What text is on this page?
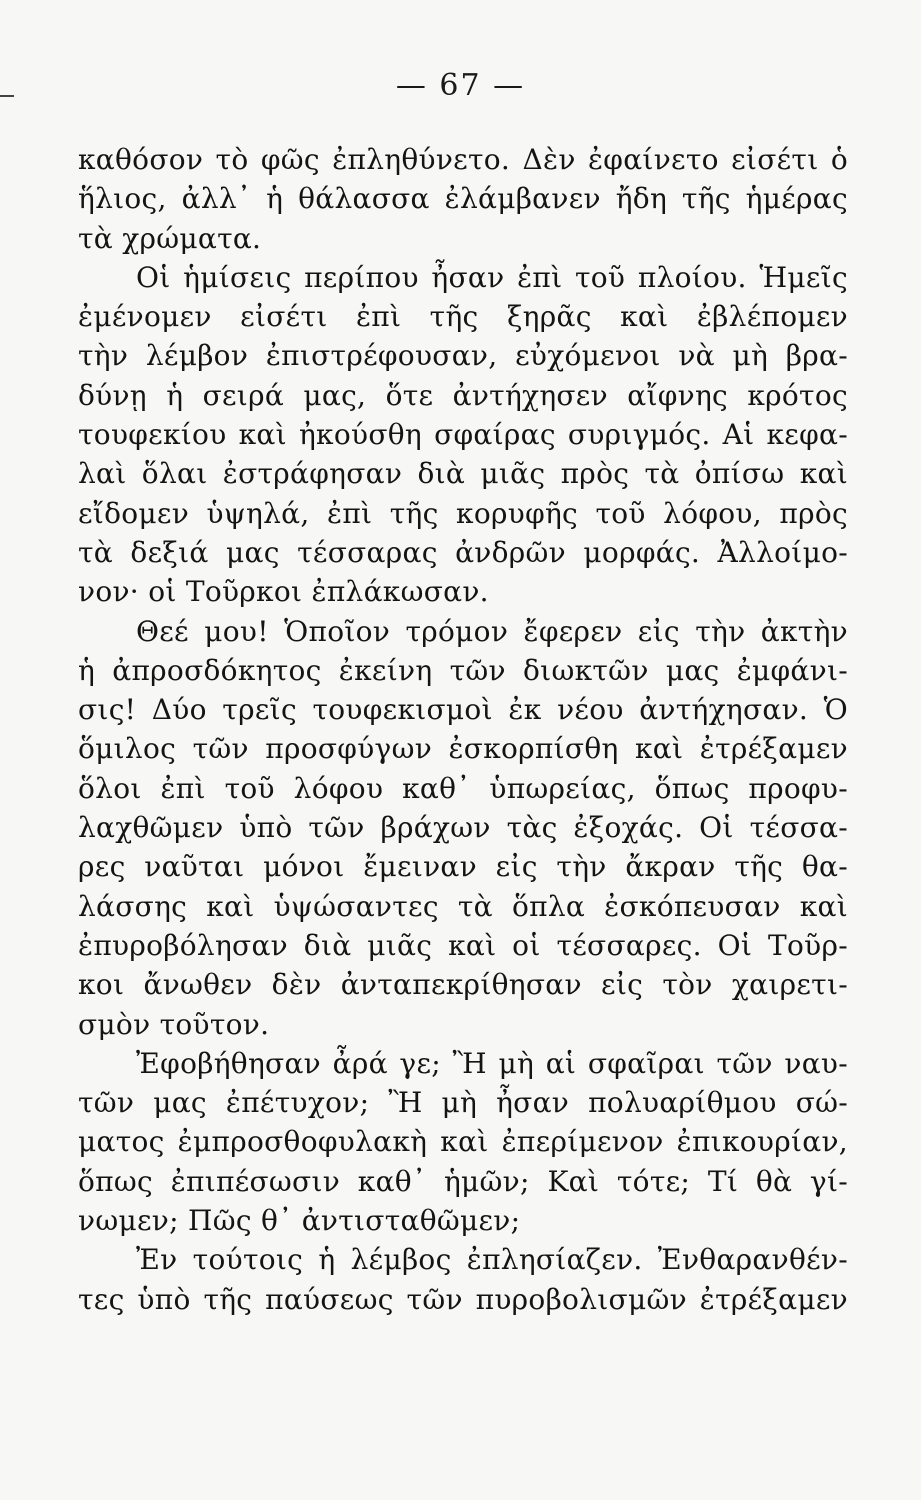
— 67 —
καθόσον τὸ φῶς ἐπληθύνετο. Δὲν ἐφαίνετο εἰσέτι ὁ
ἥλιος, ἀλλ᾿ ἡ θάλασσα ἐλάμβανεν ἤδη τῆς ἡμέρας
τὰ χρώματα.
Οἱ ἡμίσεις περίπου ἦσαν ἐπὶ τοῦ πλοίου. Ἡμεῖς
ἐμένομεν εἰσέτι ἐπὶ τῆς ξηρᾶς καὶ ἐβλέπομεν
τὴν λέμβον ἐπιστρέφουσαν, εὐχόμενοι νὰ μὴ βρα-
δύνῃ ἡ σειρά μας, ὅτε ἀντήχησεν αἴφνης κρότος
τουφεκίου καὶ ἠκούσθη σφαίρας συριγμός. Αἱ κεφα-
λαὶ ὅλαι ἐστράφησαν διὰ μιᾶς πρὸς τὰ ὀπίσω καὶ
εἴδομεν ὑψηλά, ἐπὶ τῆς κορυφῆς τοῦ λόφου, πρὸς
τὰ δεξιά μας τέσσαρας ἀνδρῶν μορφάς. Ἀλλοίμο-
νον· οἱ Τοῦρκοι ἐπλάκωσαν.
Θεέ μου! Ὁποῖον τρόμον ἔφερεν εἰς τὴν ἀκτὴν
ἡ ἀπροσδόκητος ἐκείνη τῶν διωκτῶν μας ἐμφάνι-
σις! Δύο τρεῖς τουφεκισμοὶ ἐκ νέου ἀντήχησαν. Ὁ
ὅμιλος τῶν προσφύγων ἐσκορπίσθη καὶ ἐτρέξαμεν
ὅλοι ἐπὶ τοῦ λόφου καθ᾿ ὑπωρείας, ὅπως προφυ-
λαχθῶμεν ὑπὸ τῶν βράχων τὰς ἐξοχάς. Οἱ τέσσα-
ρες ναῦται μόνοι ἔμειναν εἰς τὴν ἄκραν τῆς θα-
λάσσης καὶ ὑψώσαντες τὰ ὅπλα ἐσκόπευσαν καὶ
ἐπυροβόλησαν διὰ μιᾶς καὶ οἱ τέσσαρες. Οἱ Τοῦρ-
κοι ἄνωθεν δὲν ἀνταπεκρίθησαν εἰς τὸν χαιρετι-
σμὸν τοῦτον.
Ἐφοβήθησαν ἆρά γε; Ἢ μὴ αἱ σφαῖραι τῶν ναυ-
τῶν μας ἐπέτυχον; Ἢ μὴ ἦσαν πολυαρίθμου σώ-
ματος ἐμπροσθοφυλακὴ καὶ ἐπερίμενον ἐπικουρίαν,
ὅπως ἐπιπέσωσιν καθ᾿ ἡμῶν; Καὶ τότε; Τί θὰ γί-
νωμεν; Πῶς θ᾿ ἀντισταθῶμεν;
Ἐν τούτοις ἡ λέμβος ἐπλησίαζεν. Ἐνθαρανθέν-
τες ὑπὸ τῆς παύσεως τῶν πυροβολισμῶν ἐτρέξαμεν
